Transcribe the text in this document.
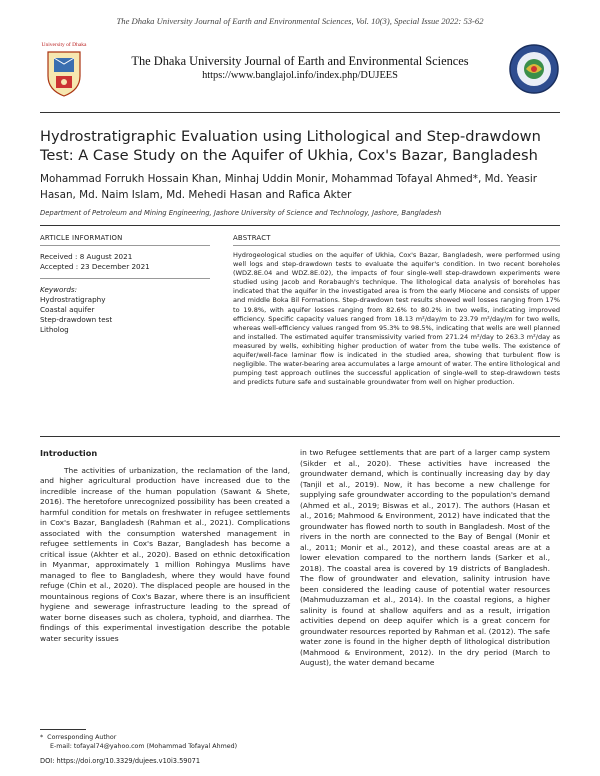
The Dhaka University Journal of Earth and Environmental Sciences, Vol. 10(3), Special Issue 2022: 53-62
University of Dhaka
The Dhaka University Journal of Earth and Environmental Sciences
https://www.banglajol.info/index.php/DUJEES
Hydrostratigraphic Evaluation using Lithological and Step-drawdown Test: A Case Study on the Aquifer of Ukhia, Cox's Bazar, Bangladesh
Mohammad Forrukh Hossain Khan, Minhaj Uddin Monir, Mohammad Tofayal Ahmed*, Md. Yeasir Hasan, Md. Naim Islam, Md. Mehedi Hasan and Rafica Akter
Department of Petroleum and Mining Engineering, Jashore University of Science and Technology, Jashore, Bangladesh
ARTICLE INFORMATION

Received : 8 August 2021

Accepted : 23 December 2021

Keywords:

Hydrostratigraphy

Coastal aquifer

Step-drawdown test

Litholog

ABSTRACT
Hydrogeological studies on the aquifer of Ukhia, Cox's Bazar, Bangladesh, were performed using well logs and step-drawdown tests to evaluate the aquifer's condition. In two recent boreholes (WDZ.8E.04 and WDZ.8E.02), the impacts of four single-well step-drawdown experiments were studied using Jacob and Rorabaugh's technique. The lithological data analysis of boreholes has indicated that the aquifer in the investigated area is from the early Miocene and consists of upper and middle Boka Bil Formations. Step-drawdown test results showed well losses ranging from 17% to 19.8%, with aquifer losses ranging from 82.6% to 80.2% in two wells, indicating improved efficiency. Specific capacity values ranged from 18.13 m²/day/m to 23.79 m²/day/m for two wells, whereas well-efficiency values ranged from 95.3% to 98.5%, indicating that wells are well planned and installed. The estimated aquifer transmissivity varied from 271.24 m²/day to 263.3 m²/day as measured by wells, exhibiting higher production of water from the tube wells. The existence of aquifer/well-face laminar flow is indicated in the studied area, showing that turbulent flow is negligible. The water-bearing area accumulates a large amount of water. The entire lithological and pumping test approach outlines the successful application of single-well to step-drawdown tests and predicts future safe and sustainable groundwater from well on higher production.
Introduction

The activities of urbanization, the reclamation of the land, and higher agricultural production have increased due to the incredible increase of the human population (Sawant & Shete, 2016). The heretofore unrecognized possibility has been created a harmful condition for metals on freshwater in refugee settlements in Cox's Bazar, Bangladesh (Rahman et al., 2021). Complications associated with the consumption watershed management in refugee settlements in Cox's Bazar, Bangladesh has become a critical issue (Akhter et al., 2020). Based on ethnic detoxification in Myanmar, approximately 1 million Rohingya Muslims have managed to flee to Bangladesh, where they would have found refuge (Chin et al., 2020). The displaced people are housed in the mountainous regions of Cox's Bazar, where there is an insufficient hygiene and sewerage infrastructure leading to the spread of water borne diseases such as cholera, typhoid, and diarrhea. The findings of this experimental investigation describe the potable water security issues

in two Refugee settlements that are part of a larger camp system (Sikder et al., 2020). These activities have increased the groundwater demand, which is continually increasing day by day (Tanjil et al., 2019). Now, it has become a new challenge for supplying safe groundwater according to the population's demand (Ahmed et al., 2019; Biswas et al., 2017). The authors (Hasan et al., 2016; Mahmood & Environment, 2012) have indicated that the groundwater has flowed north to south in Bangladesh. Most of the rivers in the north are connected to the Bay of Bengal (Monir et al., 2011; Monir et al., 2012), and these coastal areas are at a lower elevation compared to the northern lands (Sarker et al., 2018). The coastal area is covered by 19 districts of Bangladesh. The flow of groundwater and elevation, salinity intrusion have been considered the leading cause of potential water resources (Mahmuduzzaman et al., 2014). In the coastal regions, a higher salinity is found at shallow aquifers and as a result, irrigation activities depend on deep aquifer which is a great concern for groundwater resources reported by Rahman et al. (2012). The safe water zone is found in the higher depth of lithological distribution (Mahmood & Environment, 2012). In the dry period (March to August), the water demand became

* Corresponding Author
E-mail: tofayal74@yahoo.com (Mohammad Tofayal Ahmed)
DOI: https://doi.org/10.3329/dujees.v10i3.59071
